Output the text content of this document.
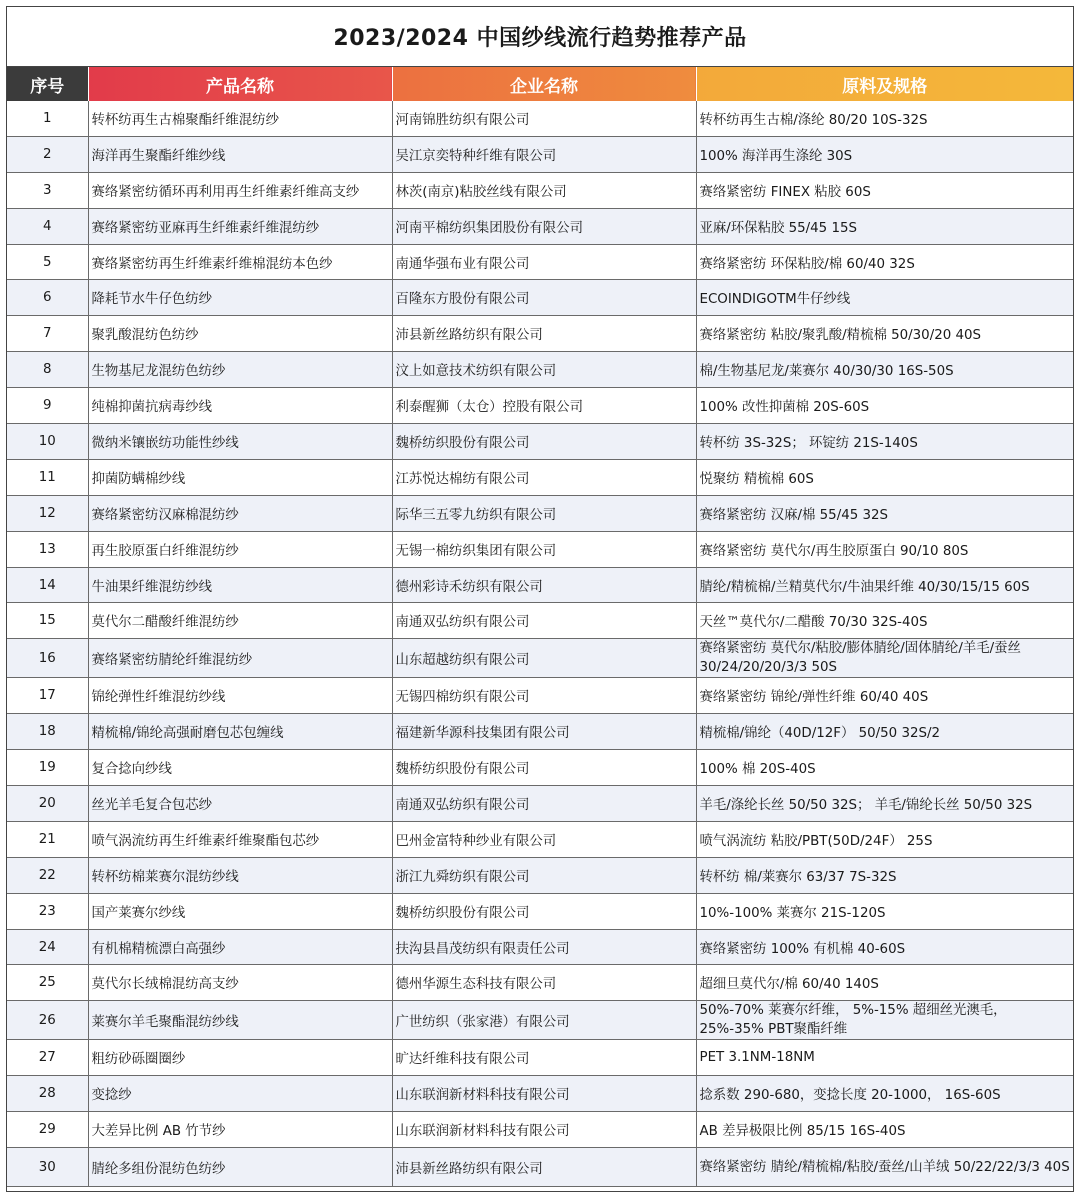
2023/2024 中国纱线流行趋势推荐产品
序号	产品名称	企业名称	原料及规格
1	转杯纺再生古棉聚酯纤维混纺纱	河南锦胜纺织有限公司	转杯纺再生古棉/涤纶 80/20 10S-32S
2	海洋再生聚酯纤维纱线	吴江京奕特种纤维有限公司	100% 海洋再生涤纶 30S
3	赛络紧密纺循环再利用再生纤维素纤维高支纱	林茨(南京)粘胶丝线有限公司	赛络紧密纺 FINEX 粘胶 60S
4	赛络紧密纺亚麻再生纤维素纤维混纺纱	河南平棉纺织集团股份有限公司	亚麻/环保粘胶 55/45 15S
5	赛络紧密纺再生纤维素纤维棉混纺本色纱	南通华强布业有限公司	赛络紧密纺 环保粘胶/棉 60/40 32S
6	降耗节水牛仔色纺纱	百隆东方股份有限公司	ECOINDIGOTM牛仔纱线
7	聚乳酸混纺色纺纱	沛县新丝路纺织有限公司	赛络紧密纺 粘胶/聚乳酸/精梳棉 50/30/20 40S
8	生物基尼龙混纺色纺纱	汶上如意技术纺织有限公司	棉/生物基尼龙/莱赛尔 40/30/30 16S-50S
9	纯棉抑菌抗病毒纱线	利泰醒狮（太仓）控股有限公司	100% 改性抑菌棉 20S-60S
10	微纳米镶嵌纺功能性纱线	魏桥纺织股份有限公司	转杯纺 3S-32S； 环锭纺 21S-140S
11	抑菌防螨棉纱线	江苏悦达棉纺有限公司	悦聚纺 精梳棉 60S
12	赛络紧密纺汉麻棉混纺纱	际华三五零九纺织有限公司	赛络紧密纺 汉麻/棉 55/45 32S
13	再生胶原蛋白纤维混纺纱	无锡一棉纺织集团有限公司	赛络紧密纺 莫代尔/再生胶原蛋白 90/10 80S
14	牛油果纤维混纺纱线	德州彩诗禾纺织有限公司	腈纶/精梳棉/兰精莫代尔/牛油果纤维 40/30/15/15 60S
15	莫代尔二醋酸纤维混纺纱	南通双弘纺织有限公司	天丝™莫代尔/二醋酸 70/30 32S-40S
16	赛络紧密纺腈纶纤维混纺纱	山东超越纺织有限公司	赛络紧密纺 莫代尔/粘胶/膨体腈纶/固体腈纶/羊毛/蚕丝 30/24/20/20/3/3 50S
17	锦纶弹性纤维混纺纱线	无锡四棉纺织有限公司	赛络紧密纺 锦纶/弹性纤维 60/40 40S
18	精梳棉/锦纶高强耐磨包芯包缠线	福建新华源科技集团有限公司	精梳棉/锦纶（40D/12F） 50/50 32S/2
19	复合捻向纱线	魏桥纺织股份有限公司	100% 棉 20S-40S
20	丝光羊毛复合包芯纱	南通双弘纺织有限公司	羊毛/涤纶长丝 50/50 32S； 羊毛/锦纶长丝 50/50 32S
21	喷气涡流纺再生纤维素纤维聚酯包芯纱	巴州金富特种纱业有限公司	喷气涡流纺 粘胶/PBT(50D/24F） 25S
22	转杯纺棉莱赛尔混纺纱线	浙江九舜纺织有限公司	转杯纺 棉/莱赛尔 63/37 7S-32S
23	国产莱赛尔纱线	魏桥纺织股份有限公司	10%-100% 莱赛尔 21S-120S
24	有机棉精梳漂白高强纱	扶沟县昌茂纺织有限责任公司	赛络紧密纺 100% 有机棉 40-60S
25	莫代尔长绒棉混纺高支纱	德州华源生态科技有限公司	超细旦莫代尔/棉 60/40 140S
26	莱赛尔羊毛聚酯混纺纱线	广世纺织（张家港）有限公司	50%-70% 莱赛尔纤维， 5%-15% 超细丝光澳毛， 25%-35% PBT聚酯纤维
27	粗纺砂砾圈圈纱	旷达纤维科技有限公司	PET 3.1NM-18NM
28	变捻纱	山东联润新材料科技有限公司	捻系数 290-680，变捻长度 20-1000， 16S-60S
29	大差异比例 AB 竹节纱	山东联润新材料科技有限公司	AB 差异极限比例 85/15 16S-40S
30	腈纶多组份混纺色纺纱	沛县新丝路纺织有限公司	赛络紧密纺 腈纶/精梳棉/粘胶/蚕丝/山羊绒 50/22/22/3/3 40S
